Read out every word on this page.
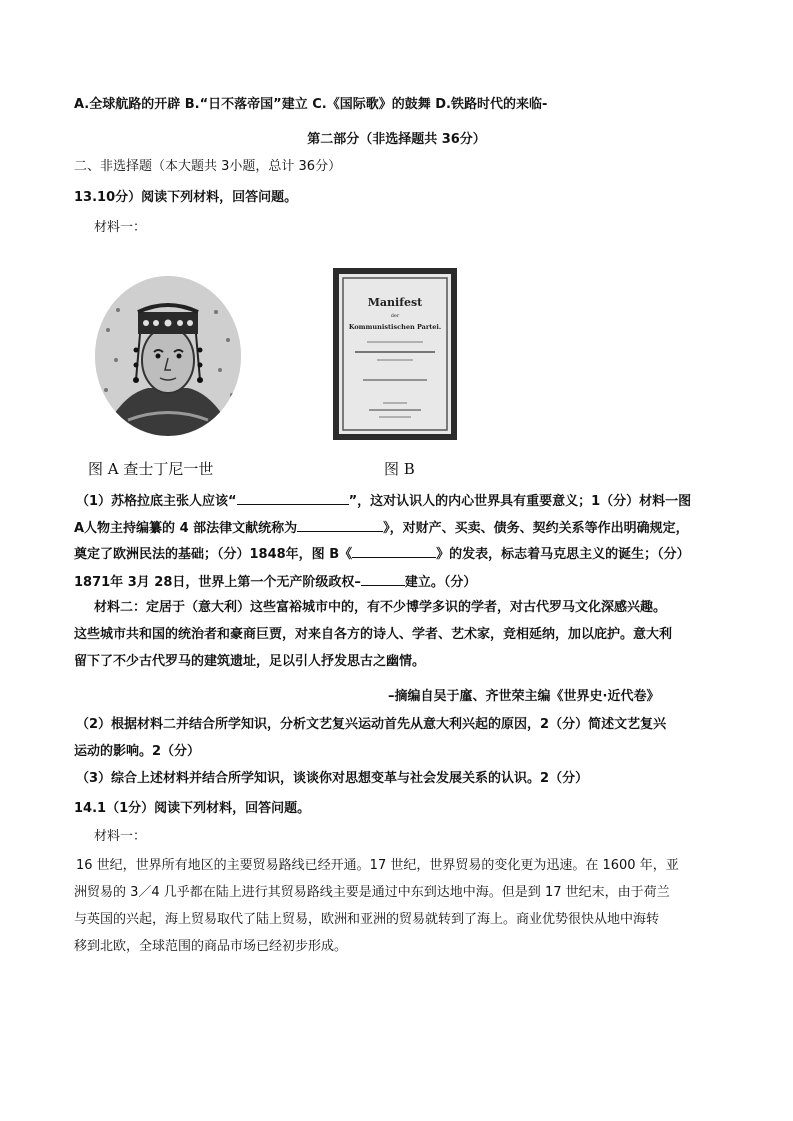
A.全球航路的开辟 B.“日不落帝国”建立 C.《国际歌》的鼓舞 D.铁路时代的来临-
第二部分（非选择题共 36分）
二、非选择题（本大题共 3小题，总计 36分）
13.10分）阅读下列材料，回答问题。
材料一：
Manifest
der
Kommunistischen Partei.
图 A 查士丁尼一世	图 B
（1）苏格拉底主张人应该“	”，这对认识人的内心世界具有重要意义；1（分）材料一图
A人物主持编纂的 4 部法律文献统称为	》，对财产、买卖、债务、契约关系等作出明确规定，
奠定了欧洲民法的基础；（分）1848年，图 B《	》的发表，标志着马克思主义的诞生；（分）
1871年 3月 28日，世界上第一个无产阶级政权–	建立。（分）
材料二：定居于（意大利）这些富裕城市中的，有不少博学多识的学者，对古代罗马文化深感兴趣。
这些城市共和国的统治者和豪商巨贾，对来自各方的诗人、学者、艺术家，竞相延纳，加以庇护。意大利
留下了不少古代罗马的建筑遗址，足以引人抒发思古之幽情。
–摘编自吴于廑、齐世荣主编《世界史·近代卷》
（2）根据材料二并结合所学知识，分析文艺复兴运动首先从意大利兴起的原因，2（分）简述文艺复兴
运动的影响。2（分）
（3）综合上述材料并结合所学知识，谈谈你对思想变革与社会发展关系的认识。2（分）
14.1（1分）阅读下列材料，回答问题。
材料一：
16 世纪，世界所有地区的主要贸易路线已经开通。17 世纪，世界贸易的变化更为迅速。在 1600 年，亚
洲贸易的 3／4 几乎都在陆上进行其贸易路线主要是通过中东到达地中海。但是到 17 世纪末，由于荷兰
与英国的兴起，海上贸易取代了陆上贸易，欧洲和亚洲的贸易就转到了海上。商业优势很快从地中海转
移到北欧，全球范围的商品市场已经初步形成。
